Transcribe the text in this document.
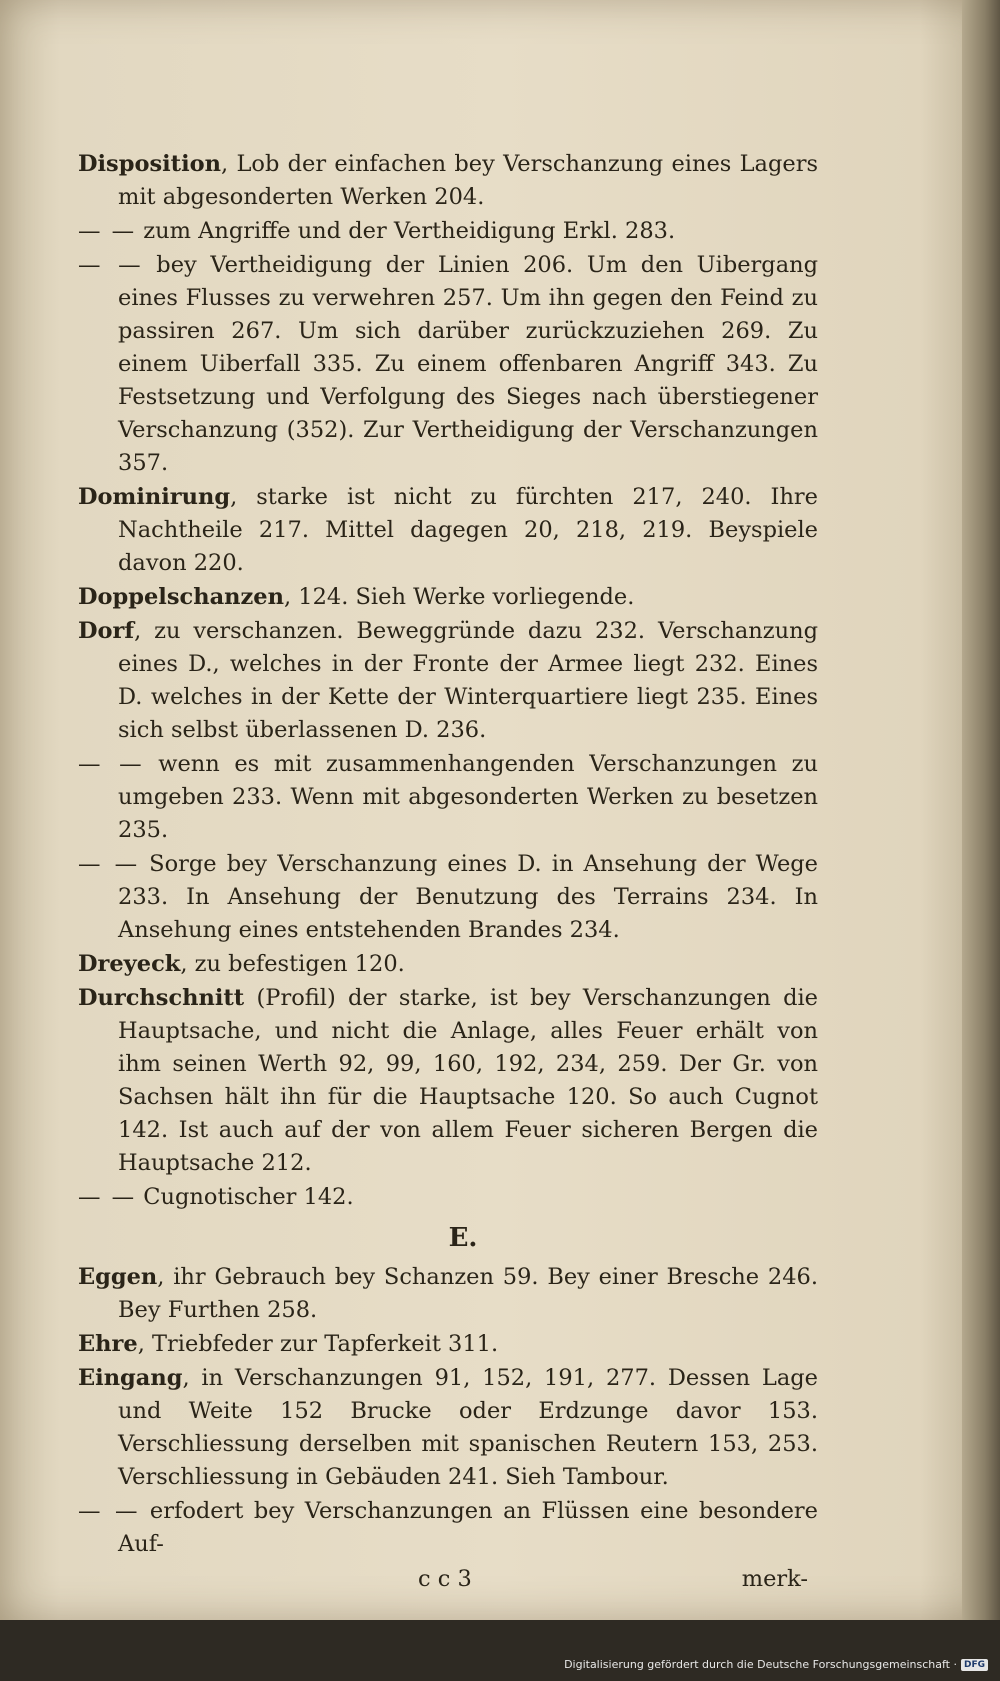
Disposition, Lob der einfachen bey Verschanzung eines Lagers mit abgesonderten Werken 204.

— — zum Angriffe und der Vertheidigung Erkl. 283.

— — bey Vertheidigung der Linien 206. Um den Uibergang eines Flusses zu verwehren 257. Um ihn gegen den Feind zu passiren 267. Um sich darüber zurückzuziehen 269. Zu einem Uiberfall 335. Zu einem offenbaren Angriff 343. Zu Festsetzung und Verfolgung des Sieges nach überstiegener Verschanzung (352). Zur Vertheidigung der Verschanzungen 357.

Dominirung, starke ist nicht zu fürchten 217, 240. Ihre Nachtheile 217. Mittel dagegen 20, 218, 219. Beyspiele davon 220.

Doppelschanzen, 124. Sieh Werke vorliegende.

Dorf, zu verschanzen. Beweggründe dazu 232. Verschanzung eines D., welches in der Fronte der Armee liegt 232. Eines D. welches in der Kette der Winterquartiere liegt 235. Eines sich selbst überlassenen D. 236.

— — wenn es mit zusammenhangenden Verschanzungen zu umgeben 233. Wenn mit abgesonderten Werken zu besetzen 235.

— — Sorge bey Verschanzung eines D. in Ansehung der Wege 233. In Ansehung der Benutzung des Terrains 234. In Ansehung eines entstehenden Brandes 234.

Dreyeck, zu befestigen 120.

Durchschnitt (Profil) der starke, ist bey Verschanzungen die Hauptsache, und nicht die Anlage, alles Feuer erhält von ihm seinen Werth 92, 99, 160, 192, 234, 259. Der Gr. von Sachsen hält ihn für die Hauptsache 120. So auch Cugnot 142. Ist auch auf der von allem Feuer sicheren Bergen die Hauptsache 212.

— — Cugnotischer 142.

E.

Eggen, ihr Gebrauch bey Schanzen 59. Bey einer Bresche 246. Bey Furthen 258.

Ehre, Triebfeder zur Tapferkeit 311.

Eingang, in Verschanzungen 91, 152, 191, 277. Dessen Lage und Weite 152 Brucke oder Erdzunge davor 153. Verschliessung derselben mit spanischen Reutern 153, 253. Verschliessung in Gebäuden 241. Sieh Tambour.

— — erfodert bey Verschanzungen an Flüssen eine besondere Auf-

c c 3	merk-
Digitalisierung gefördert durch die Deutsche Forschungsgemeinschaft · DFG
